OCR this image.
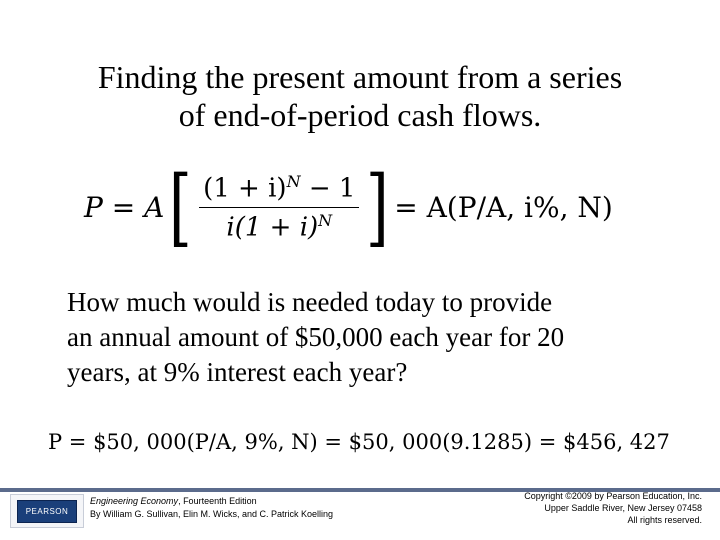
Finding the present amount from a series
of end-of-period cash flows.
P = A [ $\frac{(1 + i)^N - 1}{i(1 + i)^N}$ ] = A(P/A, i%, N)
How much would is needed today to provide
an annual amount of $50,000 each year for 20
years, at 9% interest each year?
P = $50, 000(P/A, 9%, N) = $50, 000(9.1285) = $456, 427
PEARSON
Engineering Economy, Fourteenth Edition
By William G. Sullivan, Elin M. Wicks, and C. Patrick Koelling
Copyright ©2009 by Pearson Education, Inc.
Upper Saddle River, New Jersey 07458
All rights reserved.
